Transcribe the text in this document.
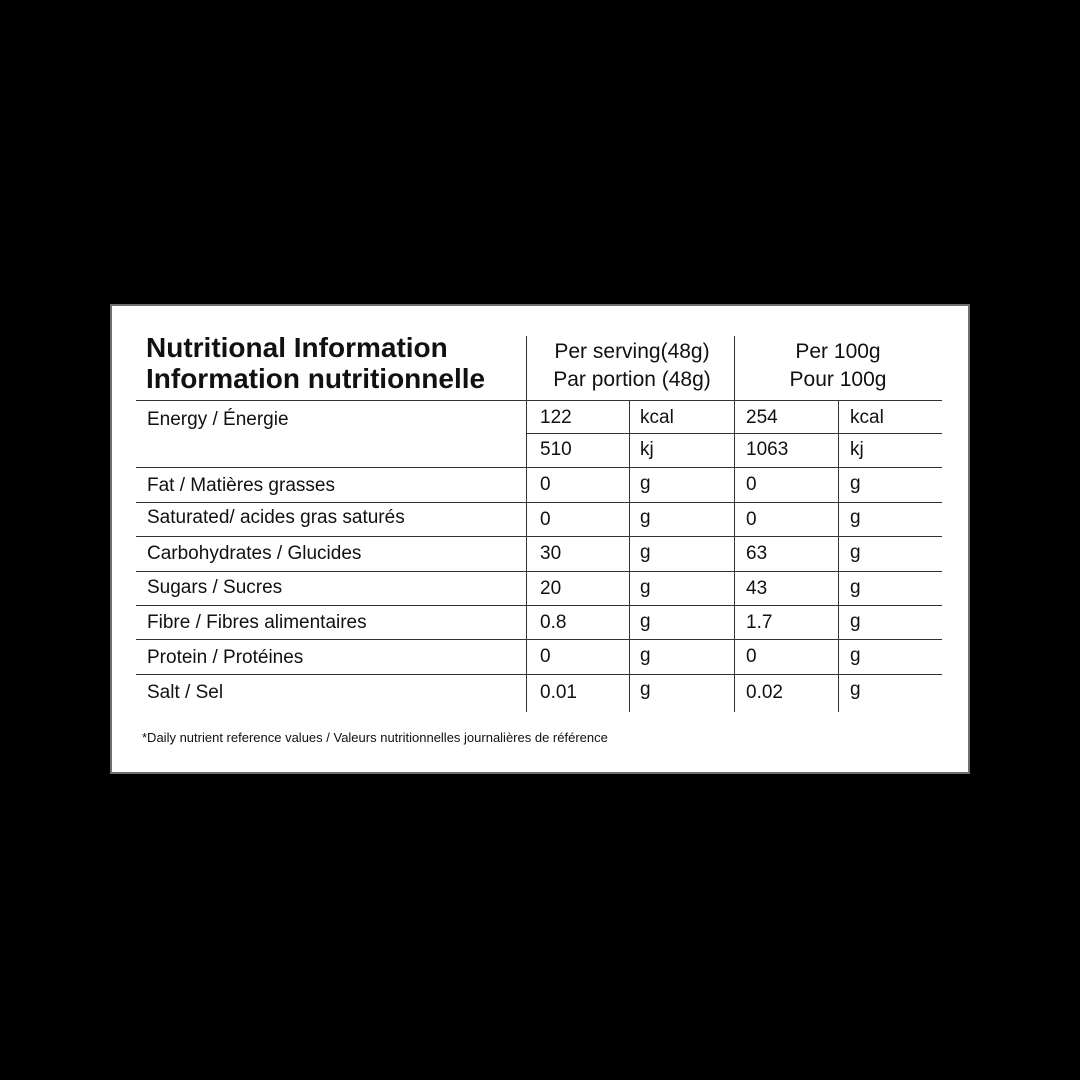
Nutritional Information
Information nutritionnelle
Per serving(48g)
Par portion (48g)
Per 100g
Pour 100g
Energy / Énergie	122	kcal	254	kcal
510	kj	1063	kj
Fat / Matières grasses	0	g	0	g
Saturated/ acides gras saturés	0	g	0	g
Carbohydrates / Glucides	30	g	63	g
Sugars / Sucres	20	g	43	g
Fibre / Fibres alimentaires	0.8	g	1.7	g
Protein / Protéines	0	g	0	g
Salt / Sel	0.01	g	0.02	g
*Daily nutrient reference values / Valeurs nutritionnelles journalières de référence
